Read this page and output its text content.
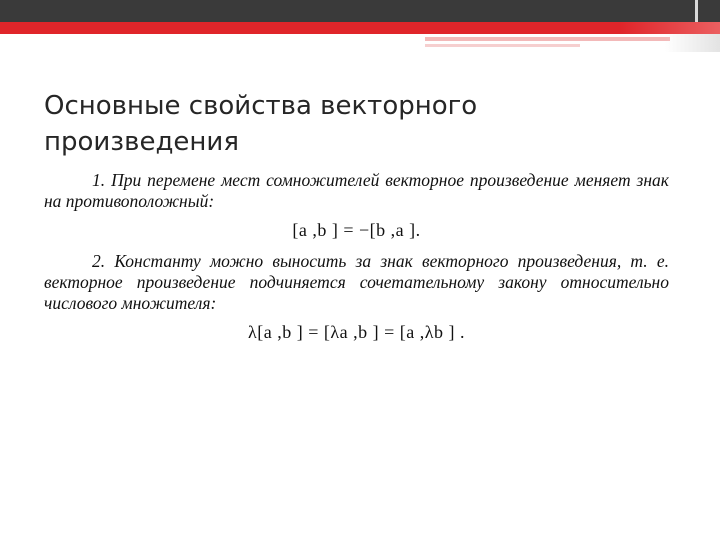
Основные свойства векторного произведения

1. При перемене мест сомножителей векторное произведение меняет знак на противоположный:

[a ,b ] = −[b ,a ].

2. Константу можно выносить за знак векторного произведения, т. е. векторное произведение подчиняется сочетательному закону относительно числового множителя:

λ[a ,b ] = [λa ,b ] = [a ,λb ] .
